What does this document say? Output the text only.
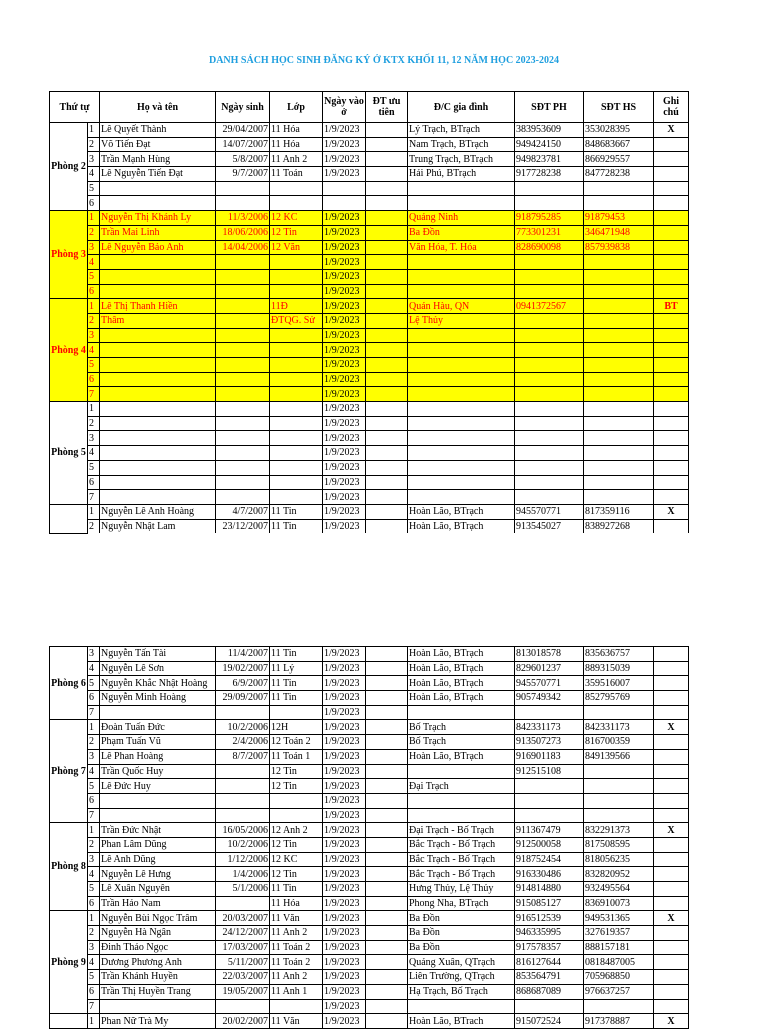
DANH SÁCH HỌC SINH ĐĂNG KÝ Ở KTX KHỐI 11, 12 NĂM HỌC 2023-2024
Thứ tự		Họ và tên	Ngày sinh	Lớp	Ngày vào ở	ĐT ưu tiên	Đ/C gia đình	SĐT PH	SĐT HS	Ghi chú
Phòng 2	1	Lê Quyết Thành	29/04/2007	11 Hóa	1/9/2023		Lý Trạch, BTrạch	383953609	353028395	X
	2	Võ Tiến Đạt	14/07/2007	11 Hóa	1/9/2023		Nam Trạch, BTrạch	949424150	848683667	
	3	Trần Mạnh Hùng	5/8/2007	11 Anh 2	1/9/2023		Trung Trạch, BTrạch	949823781	866929557	
	4	Lê Nguyễn Tiến Đạt	9/7/2007	11 Toán	1/9/2023		Hải Phú, BTrạch	917728238	847728238	
	5									
	6									
Phòng 3	1	Nguyễn Thị Khánh Ly	11/3/2006	12 KC	1/9/2023		Quảng Ninh	918795285	91879453	
	2	Trần Mai Linh	18/06/2006	12 Tin	1/9/2023		Ba Đồn	773301231	346471948	
	3	Lê Nguyễn Bảo Anh	14/04/2006	12 Văn	1/9/2023		Văn Hóa, T. Hóa	828690098	857939838	
	4				1/9/2023					
	5				1/9/2023					
	6				1/9/2023					
Phòng 4	1	Lê Thị Thanh Hiền		11Đ	1/9/2023		Quán Hàu, QN	0941372567		BT
	2	Thâm		ĐTQG. Sử	1/9/2023		Lệ Thủy			
	3				1/9/2023					
	4				1/9/2023					
	5				1/9/2023					
	6				1/9/2023					
	7				1/9/2023					
Phòng 5	1				1/9/2023					
	2				1/9/2023					
	3				1/9/2023					
	4				1/9/2023					
	5				1/9/2023					
	6				1/9/2023					
	7				1/9/2023					
	1	Nguyễn Lê Anh Hoàng	4/7/2007	11 Tin	1/9/2023		Hoàn Lão, BTrạch	945570771	817359116	X
	2	Nguyễn Nhật Lam	23/12/2007	11 Tin	1/9/2023		Hoàn Lão, BTrạch	913545027	838927268	
Phòng 6	3	Nguyễn Tấn Tài	11/4/2007	11 Tin	1/9/2023		Hoàn Lão, BTrạch	813018578	835636757	
	4	Nguyễn Lê Sơn	19/02/2007	11 Lý	1/9/2023		Hoàn Lão, BTrạch	829601237	889315039	
	5	Nguyễn Khắc Nhật Hoàng	6/9/2007	11 Tin	1/9/2023		Hoàn Lão, BTrạch	945570771	359516007	
	6	Nguyễn Minh Hoàng	29/09/2007	11 Tin	1/9/2023		Hoàn Lão, BTrạch	905749342	852795769	
	7				1/9/2023					
Phòng 7	1	Đoàn Tuấn Đức	10/2/2006	12H	1/9/2023		Bố Trạch	842331173	842331173	X
	2	Phạm Tuấn Vũ	2/4/2006	12 Toán 2	1/9/2023		Bố Trạch	913507273	816700359	
	3	Lê Phan Hoàng	8/7/2007	11 Toán 1	1/9/2023		Hoàn Lão, BTrạch	916901183	849139566	
	4	Trần Quốc Huy		12 Tin	1/9/2023			912515108		
	5	Lê Đức Huy		12 Tin	1/9/2023		Đại Trạch			
	6				1/9/2023					
	7				1/9/2023					
Phòng 8	1	Trần Đức Nhật	16/05/2006	12 Anh 2	1/9/2023		Đại Trạch - Bố Trạch	911367479	832291373	X
	2	Phan Lâm Dũng	10/2/2006	12 Tin	1/9/2023		Bắc Trạch - Bố Trạch	912500058	817508595	
	3	Lê Anh Dũng	1/12/2006	12 KC	1/9/2023		Bắc Trạch - Bố Trạch	918752454	818056235	
	4	Nguyễn Lê Hưng	1/4/2006	12 Tin	1/9/2023		Bắc Trạch - Bố Trạch	916330486	832820952	
	5	Lê Xuân Nguyên	5/1/2006	11 Tin	1/9/2023		Hưng Thủy, Lệ Thủy	914814880	932495564	
	6	Trần Hảo Nam		11 Hóa	1/9/2023		Phong Nha, BTrạch	915085127	836910073	
Phòng 9	1	Nguyễn Bùi Ngọc Trâm	20/03/2007	11 Văn	1/9/2023		Ba Đồn	916512539	949531365	X
	2	Nguyễn Hà Ngân	24/12/2007	11 Anh 2	1/9/2023		Ba Đồn	946335995	327619357	
	3	Đinh Thảo Ngọc	17/03/2007	11 Toán 2	1/9/2023		Ba Đồn	917578357	888157181	
	4	Dương Phương Anh	5/11/2007	11 Toán 2	1/9/2023		Quảng Xuân, QTrạch	816127644	0818487005	
	5	Trần Khánh Huyền	22/03/2007	11 Anh 2	1/9/2023		Liên Trường, QTrạch	853564791	705968850	
	6	Trần Thị Huyền Trang	19/05/2007	11 Anh 1	1/9/2023		Hạ Trạch, Bố Trạch	868687089	976637257	
	7				1/9/2023					
	1	Phan Nữ Trà My	20/02/2007	11 Văn	1/9/2023		Hoàn Lão, BTrach	915072524	917378887	X
